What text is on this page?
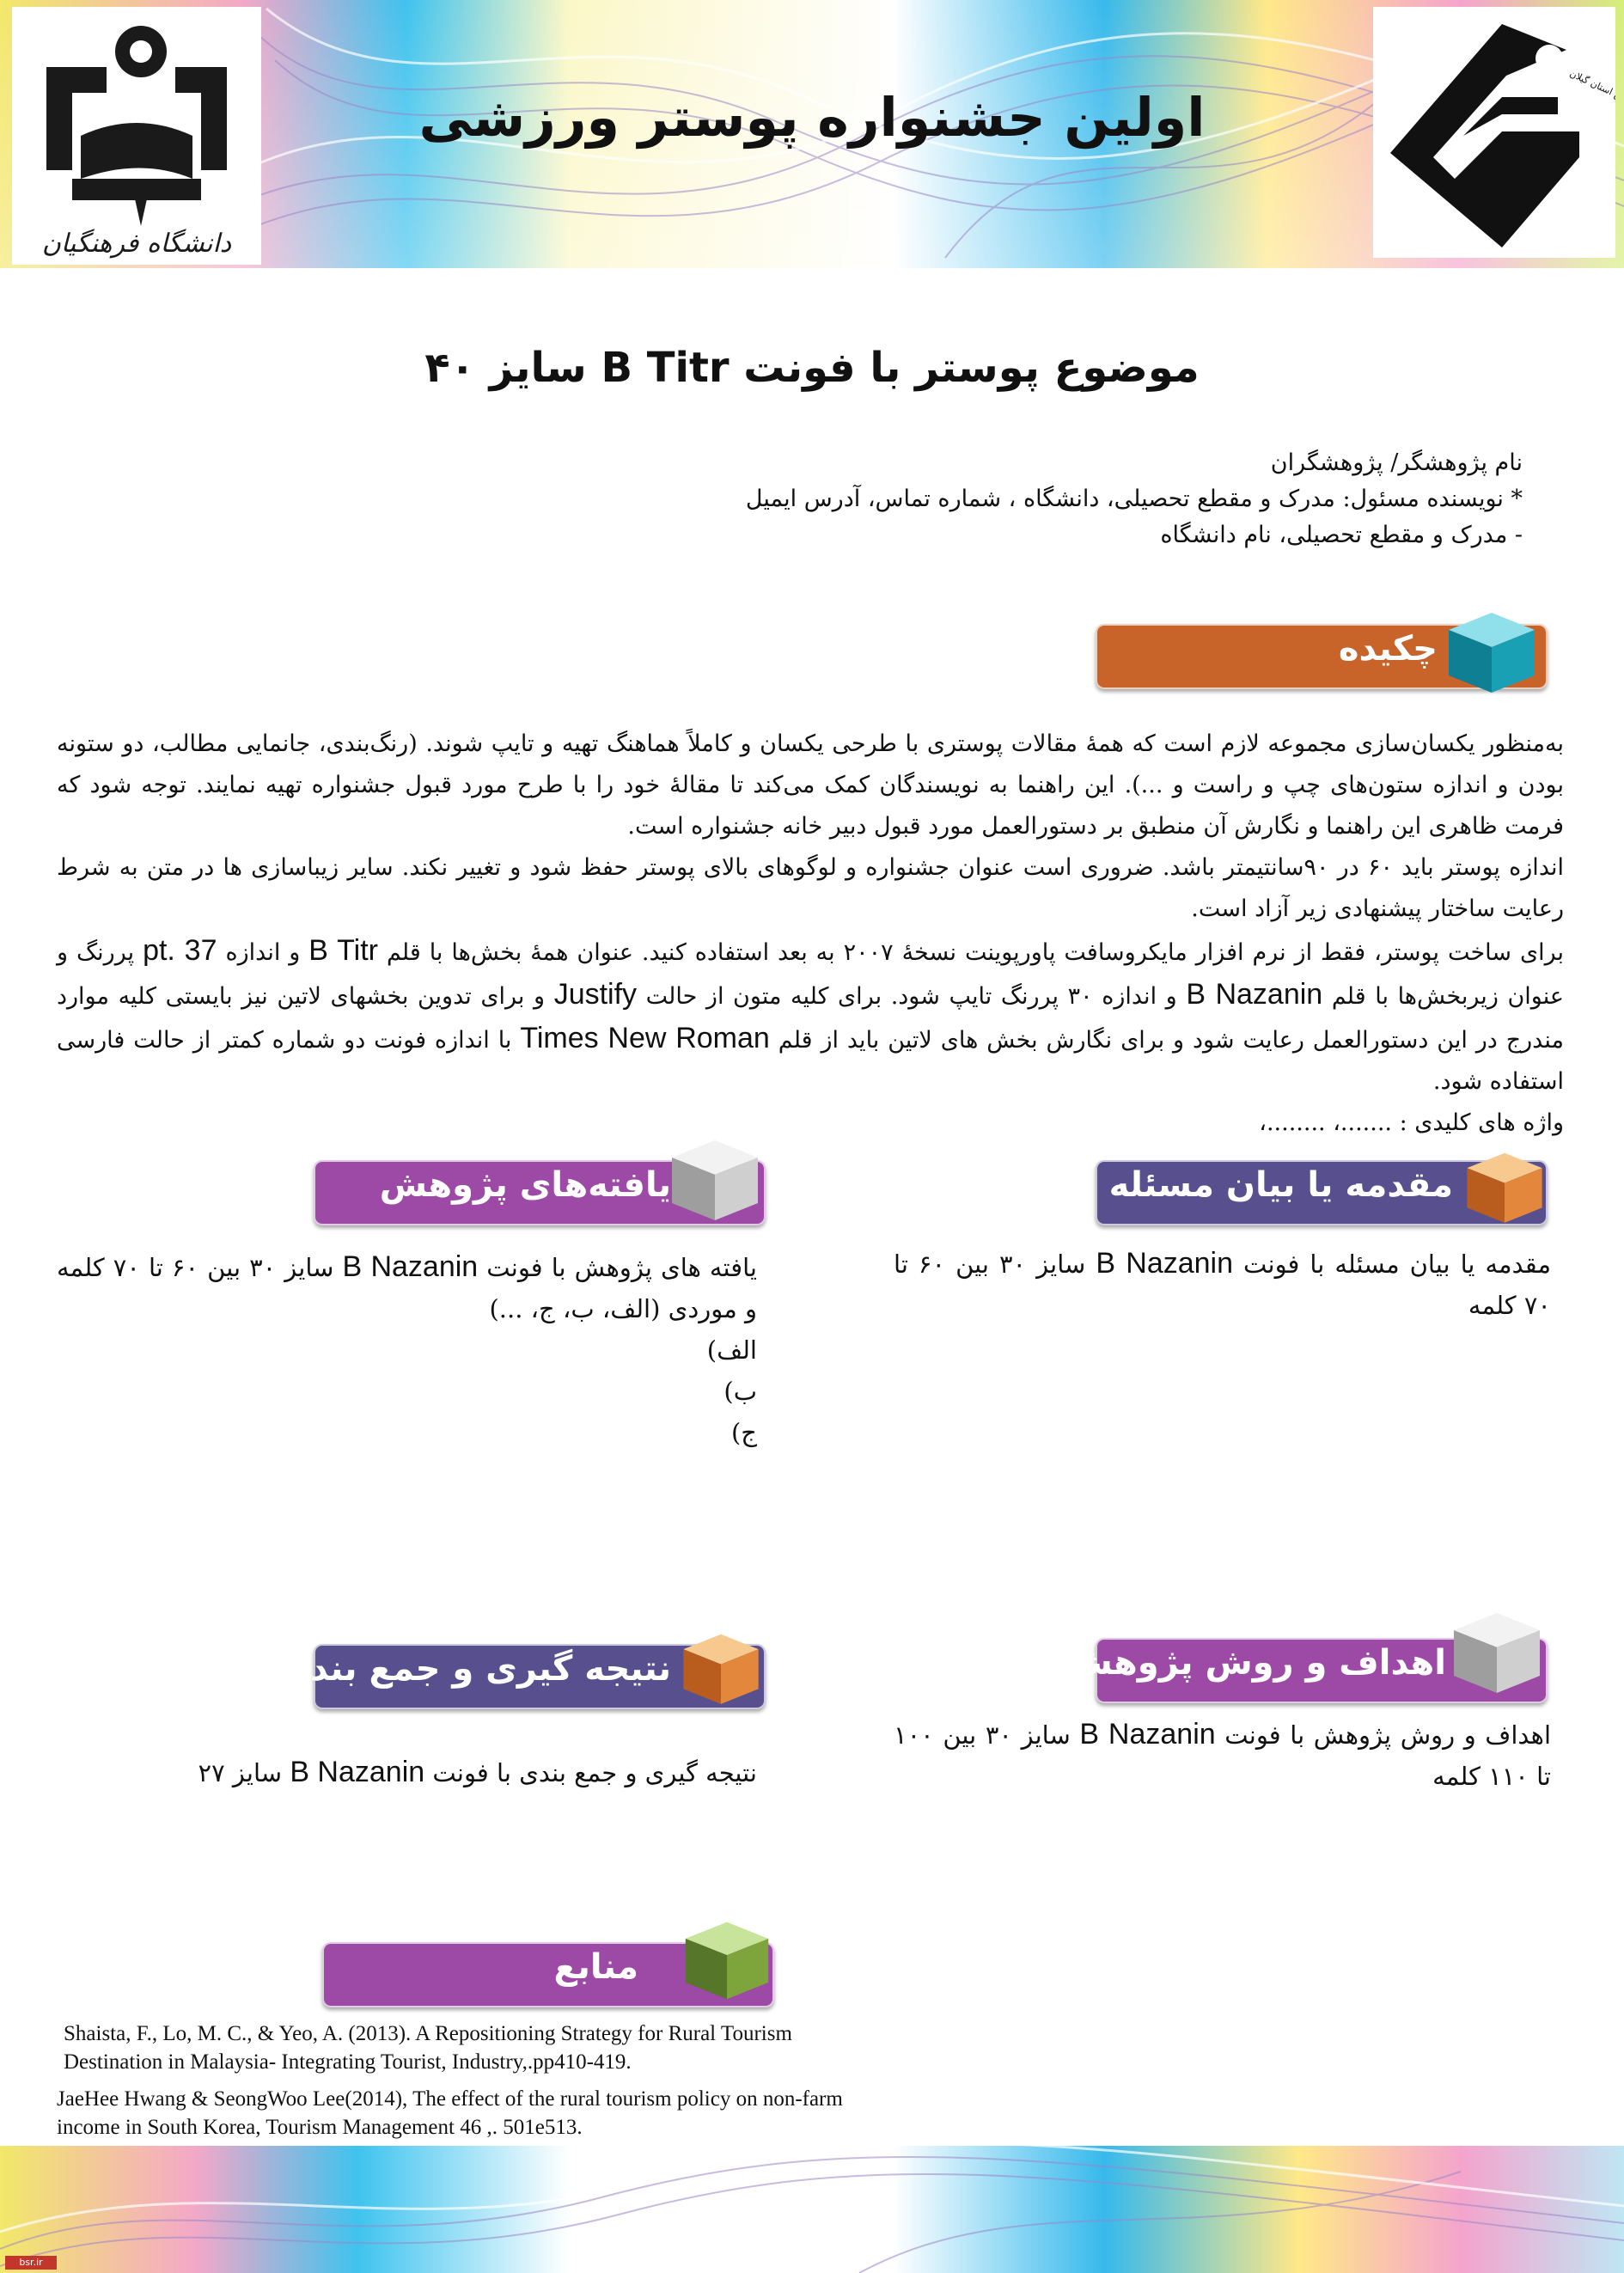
دانشگاه فرهنگیان
اولین جشنواره پوستر ورزشی
موضوع پوستر با فونت B Titr سایز ۴۰
نام پژوهشگر/ پژوهشگران
* نویسنده مسئول: مدرک و مقطع تحصیلی، دانشگاه ، شماره تماس، آدرس ایمیل
- مدرک و مقطع تحصیلی، نام دانشگاه
چکیده

به‌منظور یکسان‌سازی مجموعه لازم است که همهٔ مقالات پوستری با طرحی یکسان و کاملاً هماهنگ تهیه و تایپ شوند. (رنگ‌بندی، جانمایی مطالب، دو ستونه بودن و اندازه ستون‌های چپ و راست و ...). این راهنما به نویسندگان کمک می‌کند تا مقالهٔ خود را با طرح مورد قبول جشنواره تهیه نمایند. توجه شود که فرمت ظاهری این راهنما و نگارش آن منطبق بر دستورالعمل مورد قبول دبیر خانه جشنواره است.

اندازه پوستر باید ۶۰ در ۹۰سانتیمتر باشد. ضروری است عنوان جشنواره و لوگوهای بالای پوستر حفظ شود و تغییر نکند. سایر زیباسازی ها در متن به شرط رعایت ساختار پیشنهادی زیر آزاد است.

برای ساخت پوستر، فقط از نرم افزار مایکروسافت پاورپوینت نسخهٔ ۲۰۰۷ به بعد استفاده کنید. عنوان همهٔ بخش‌ها با قلم B Titr و اندازه pt. 37 پررنگ و عنوان زیربخش‌ها با قلم B Nazanin و اندازه ۳۰ پررنگ تایپ شود. برای کلیه متون از حالت Justify و برای تدوین بخشهای لاتین نیز بایستی کلیه موارد مندرج در این دستورالعمل رعایت شود و برای نگارش بخش های لاتین باید از قلم Times New Roman با اندازه فونت دو شماره کمتر از حالت فارسی استفاده شود.

واژه های کلیدی : .......، ........،

مقدمه یا بیان مسئله

مقدمه یا بیان مسئله با فونت B Nazanin سایز ۳۰ بین ۶۰ تا ۷۰ کلمه

یافته‌های پژوهش

یافته های پژوهش با فونت B Nazanin سایز ۳۰ بین ۶۰ تا ۷۰ کلمه و موردی (الف، ب، ج، ...)

الف)

ب)

ج)

اهداف و روش پژوهش

اهداف و روش پژوهش با فونت B Nazanin سایز ۳۰ بین ۱۰۰ تا ۱۱۰ کلمه

نتیجه گیری و جمع بندی

نتیجه گیری و جمع بندی با فونت B Nazanin سایز ۲۷

منابع

Shaista, F., Lo, M. C., & Yeo, A. (2013). A Repositioning Strategy for Rural Tourism Destination in Malaysia- Integrating Tourist, Industry,.pp410-419.

JaeHee Hwang & SeongWoo Lee(2014), The effect of the rural tourism policy on non-farm income in South Korea, Tourism Management 46 ,. 501e513.

bsr.ir
